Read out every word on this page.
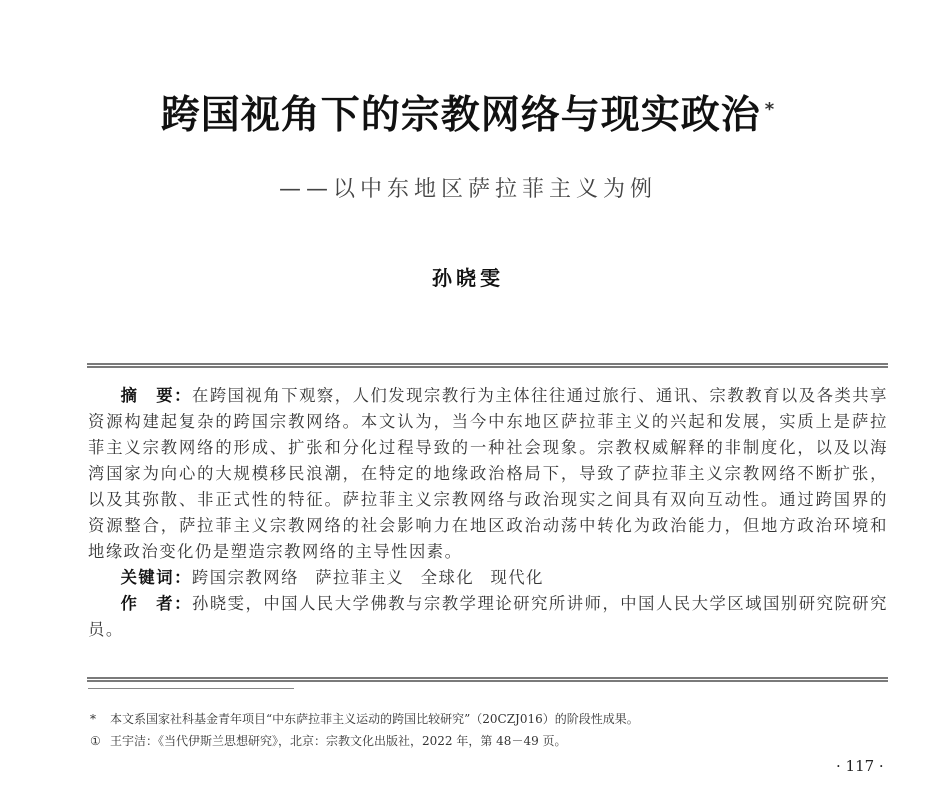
跨国视角下的宗教网络与现实政治 *
——以中东地区萨拉菲主义为例
孙晓雯

摘　要：在跨国视角下观察，人们发现宗教行为主体往往通过旅行、通讯、宗教教育以及各类共享资源构建起复杂的跨国宗教网络。本文认为，当今中东地区萨拉菲主义的兴起和发展，实质上是萨拉菲主义宗教网络的形成、扩张和分化过程导致的一种社会现象。宗教权威解释的非制度化，以及以海湾国家为向心的大规模移民浪潮，在特定的地缘政治格局下，导致了萨拉菲主义宗教网络不断扩张，以及其弥散、非正式性的特征。萨拉菲主义宗教网络与政治现实之间具有双向互动性。通过跨国界的资源整合，萨拉菲主义宗教网络的社会影响力在地区政治动荡中转化为政治能力，但地方政治环境和地缘政治变化仍是塑造宗教网络的主导性因素。

关键词：跨国宗教网络 萨拉菲主义 全球化 现代化

作　者：孙晓雯，中国人民大学佛教与宗教学理论研究所讲师，中国人民大学区域国别研究院研究员。

*	本文系国家社科基金青年项目“中东萨拉菲主义运动的跨国比较研究”（20CZJ016）的阶段性成果。
① 王宇洁：《当代伊斯兰思想研究》，北京：宗教文化出版社，2022 年，第 48－49 页。
· 117 ·
